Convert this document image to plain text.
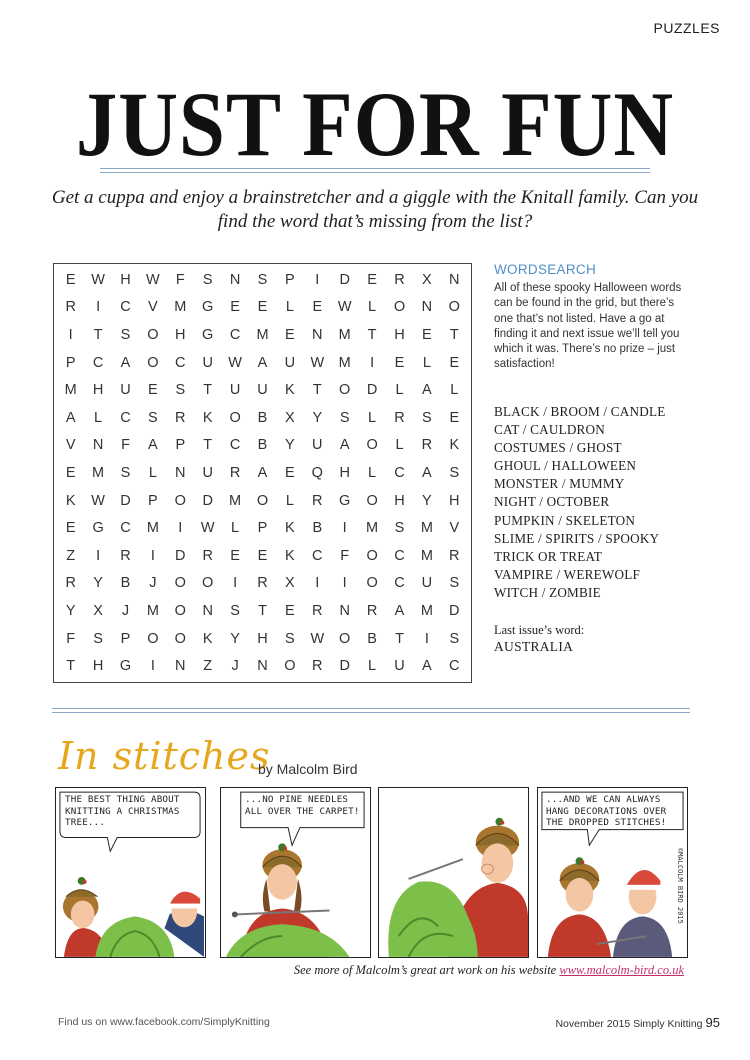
PUZZLES
JUST FOR FUN

Get a cuppa and enjoy a brainstretcher and a giggle with the Knitall family. Can you find the word that’s missing from the list?

E	W	H	W	F	S	N	S	P	I	D	E	R	X	N
R	I	C	V	M	G	E	E	L	E	W	L	O	N	O
I	T	S	O	H	G	C	M	E	N	M	T	H	E	T
P	C	A	O	C	U	W	A	U	W	M	I	E	L	E
M	H	U	E	S	T	U	U	K	T	O	D	L	A	L
A	L	C	S	R	K	O	B	X	Y	S	L	R	S	E
V	N	F	A	P	T	C	B	Y	U	A	O	L	R	K
E	M	S	L	N	U	R	A	E	Q	H	L	C	A	S
K	W	D	P	O	D	M	O	L	R	G	O	H	Y	H
E	G	C	M	I	W	L	P	K	B	I	M	S	M	V
Z	I	R	I	D	R	E	E	K	C	F	O	C	M	R
R	Y	B	J	O	O	I	R	X	I	I	O	C	U	S
Y	X	J	M	O	N	S	T	E	R	N	R	A	M	D
F	S	P	O	O	K	Y	H	S	W	O	B	T	I	S
T	H	G	I	N	Z	J	N	O	R	D	L	U	A	C
WORDSEARCH

All of these spooky Halloween words can be found in the grid, but there’s one that’s not listed. Have a go at finding it and next issue we’ll tell you which it was. There’s no prize – just satisfaction!

BLACK / BROOM / CANDLE
CAT / CAULDRON
COSTUMES / GHOST
GHOUL / HALLOWEEN
MONSTER / MUMMY
NIGHT / OCTOBER
PUMPKIN / SKELETON
SLIME / SPIRITS / SPOOKY
TRICK OR TREAT
VAMPIRE / WEREWOLF
WITCH / ZOMBIE
Last issue’s word:
AUSTRALIA
In stitches
by Malcolm Bird
THE BEST THING ABOUT
KNITTING A CHRISTMAS
TREE...
...NO PINE NEEDLES
ALL OVER THE CARPET!
...AND WE CAN ALWAYS
HANG DECORATIONS OVER
THE DROPPED STITCHES!
©MALCOLM BIRD 2015
See more of Malcolm’s great art work on his website www.malcolm-bird.co.uk
Find us on www.facebook.com/SimplyKnitting	November 2015 Simply Knitting 95
